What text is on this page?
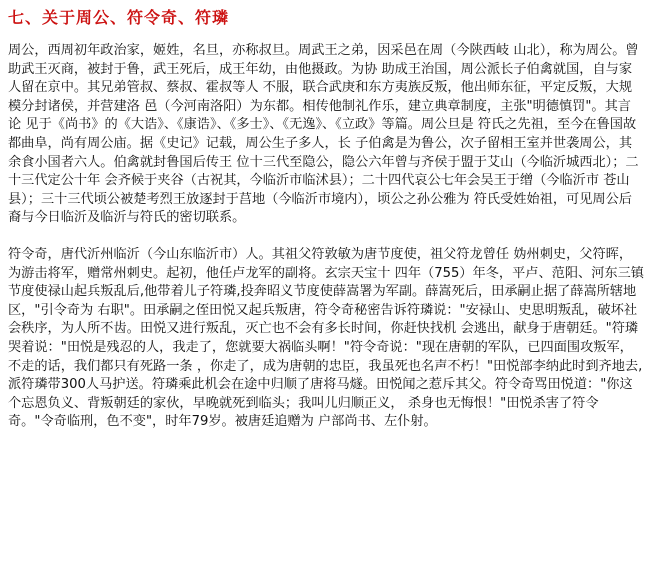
七、关于周公、符令奇、符璘

周公，西周初年政治家，姬姓，名旦，亦称叔旦。周武王之弟，因采邑在周（今陕西岐 山北），称为周公。曾助武王灭商，被封于鲁，武王死后，成王年幼，由他摄政。为协 助成王治国，周公派长子伯禽就国，自与家人留在京中。其兄弟管叔、蔡叔、霍叔等人 不服，联合武庚和东方夷族反叛，他出师东征，平定反叛，大规模分封诸侯，并营建洛 邑（今河南洛阳）为东都。相传他制礼作乐，建立典章制度，主张"明德慎罚"。其言论 见于《尚书》的《大诰》、《康诰》、《多士》、《无逸》、《立政》等篇。周公旦是 符氏之先祖，至今在鲁国故都曲阜，尚有周公庙。据《史记》记载，周公生子多人，长 子伯禽是为鲁公，次子留相王室并世袭周公，其余食小国者六人。伯禽就封鲁国后传王 位十三代至隐公，隐公六年曾与齐侯于盟于艾山（今临沂城西北）；二十三代定公十年 会齐候于夹谷（古祝其，今临沂市临沭县）；二十四代哀公七年会吴王于缯（今临沂市 苍山县）；三十三代顷公被楚考烈王放逐封于莒地（今临沂市境内），顷公之孙公雅为 符氏受姓始祖，可见周公后裔与今日临沂及临沂与符氏的密切联系。

符令奇，唐代沂州临沂（今山东临沂市）人。其祖父符敦敏为唐节度使，祖父符龙曾任 妫州刺史，父符晖，为游击将军，赠常州刺史。起初，他任卢龙军的副将。玄宗天宝十 四年（755）年冬，平卢、范阳、河东三镇节度使禄山起兵叛乱后,他带着儿子符璘,投奔昭义节度使薛嵩署为军副。薛嵩死后，田承嗣止据了薛嵩所辖地区，"引令奇为 右职"。田承嗣之侄田悦又起兵叛唐，符令奇秘密告诉符璘说："安禄山、史思明叛乱，破坏社会秩序，为人所不齿。田悦又进行叛乱，灭亡也不会有多长时间，你赶快找机 会逃出，献身于唐朝廷。"符璘哭着说："田悦是残忍的人，我走了，您就要大祸临头啊！"符令奇说："现在唐朝的军队，已四面围攻叛军，不走的话，我们都只有死路一条 ，你走了，成为唐朝的忠臣，我虽死也名声不朽！"田悦部李纳此时到齐地去,派符璘带300人马护送。符璘乘此机会在途中归顺了唐将马燧。田悦闻之惹斥其父。符令奇骂田悦道："你这个忘恩负义、背叛朝廷的家伙，早晚就死到临头；我叫儿归顺正义， 杀身也无悔恨！"田悦杀害了符令奇。"令奇临刑，色不变"，时年79岁。被唐廷追赠为 户部尚书、左仆射。
